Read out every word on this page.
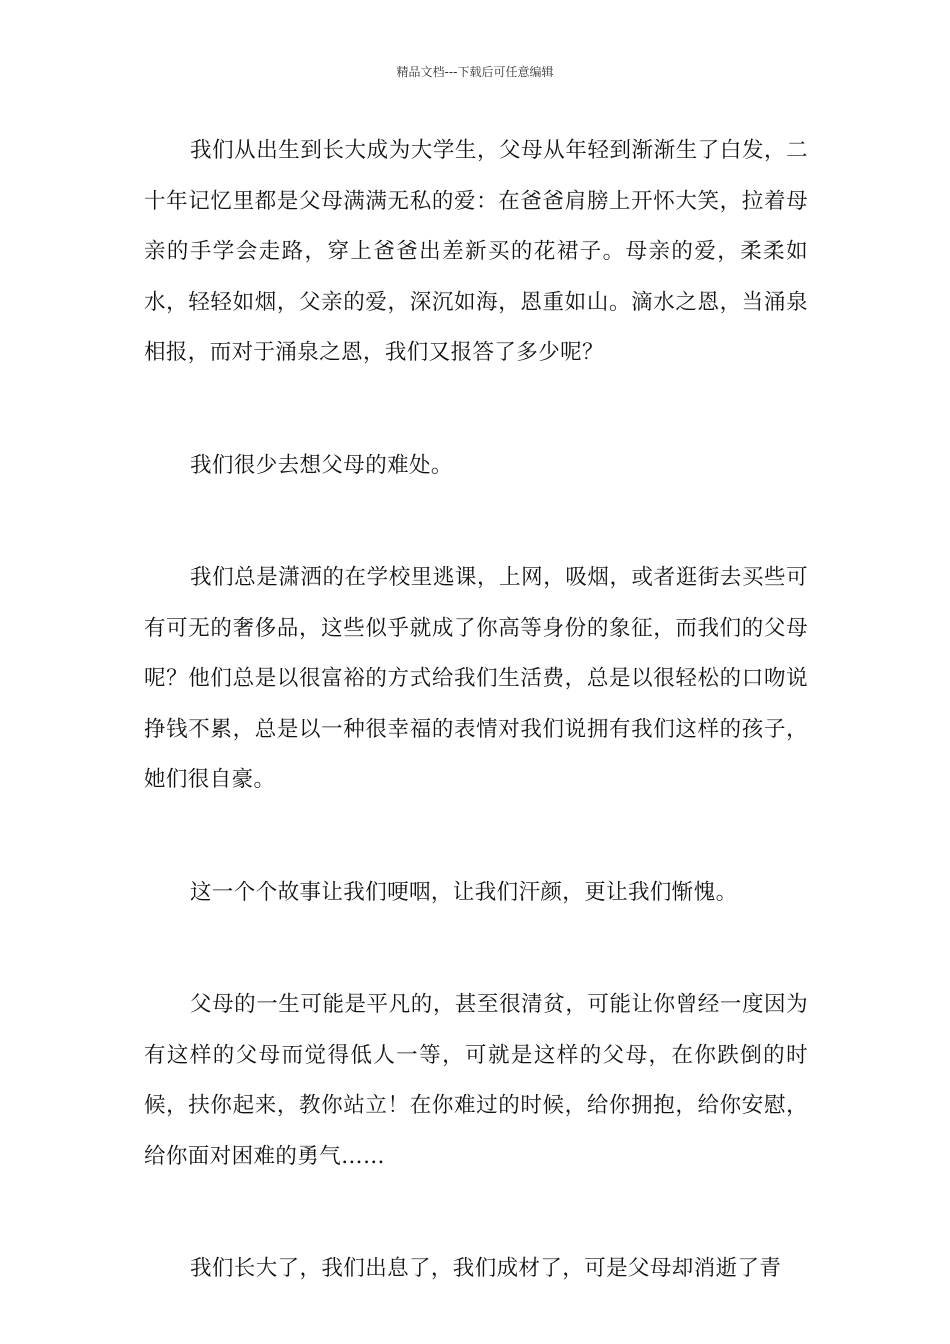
精品文档---下载后可任意编辑

我们从出生到长大成为大学生，父母从年轻到渐渐生了白发，二十年记忆里都是父母满满无私的爱：在爸爸肩膀上开怀大笑，拉着母亲的手学会走路，穿上爸爸出差新买的花裙子。母亲的爱，柔柔如水，轻轻如烟，父亲的爱，深沉如海，恩重如山。滴水之恩，当涌泉相报，而对于涌泉之恩，我们又报答了多少呢？

我们很少去想父母的难处。

我们总是潇洒的在学校里逃课，上网，吸烟，或者逛街去买些可有可无的奢侈品，这些似乎就成了你高等身份的象征，而我们的父母呢？他们总是以很富裕的方式给我们生活费，总是以很轻松的口吻说挣钱不累，总是以一种很幸福的表情对我们说拥有我们这样的孩子，她们很自豪。

这一个个故事让我们哽咽，让我们汗颜，更让我们惭愧。

父母的一生可能是平凡的，甚至很清贫，可能让你曾经一度因为有这样的父母而觉得低人一等，可就是这样的父母，在你跌倒的时候，扶你起来，教你站立！在你难过的时候，给你拥抱，给你安慰，给你面对困难的勇气……

我们长大了，我们出息了，我们成材了，可是父母却消逝了青
